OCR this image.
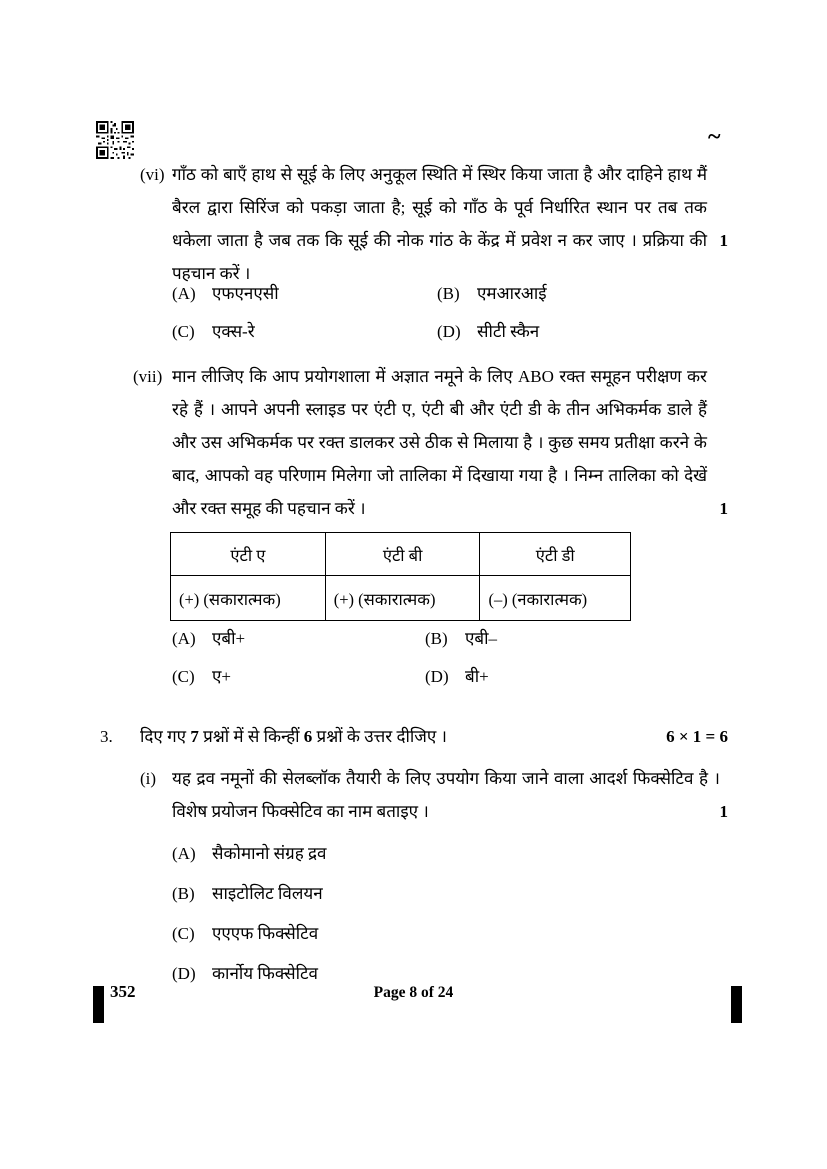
~
(vi) गाँठ को बाएँ हाथ से सूई के लिए अनुकूल स्थिति में स्थिर किया जाता है और दाहिने हाथ मैं बैरल द्वारा सिरिंज को पकड़ा जाता है; सूई को गाँठ के पूर्व निर्धारित स्थान पर तब तक धकेला जाता है जब तक कि सूई की नोक गांठ के केंद्र में प्रवेश न कर जाए । प्रक्रिया की पहचान करें ।
1
(A) एफएनएसी	(B) एमआरआई
(C) एक्स-रे	(D) सीटी स्कैन
(vii) मान लीजिए कि आप प्रयोगशाला में अज्ञात नमूने के लिए ABO रक्त समूहन परीक्षण कर रहे हैं । आपने अपनी स्लाइड पर एंटी ए, एंटी बी और एंटी डी के तीन अभिकर्मक डाले हैं और उस अभिकर्मक पर रक्त डालकर उसे ठीक से मिलाया है । कुछ समय प्रतीक्षा करने के बाद, आपको वह परिणाम मिलेगा जो तालिका में दिखाया गया है । निम्न तालिका को देखें और रक्त समूह की पहचान करें ।	1
एंटी ए	एंटी बी	एंटी डी
(+) (सकारात्मक)	(+) (सकारात्मक)	(–) (नकारात्मक)
(A) एबी+	(B) एबी–
(C) ए+	(D) बी+
3. दिए गए 7 प्रश्नों में से किन्हीं 6 प्रश्नों के उत्तर दीजिए ।	6 × 1 = 6
(i) यह द्रव नमूनों की सेलब्लॉक तैयारी के लिए उपयोग किया जाने वाला आदर्श फिक्सेटिव है । विशेष प्रयोजन फिक्सेटिव का नाम बताइए ।	1
(A) सैकोमानो संग्रह द्रव
(B) साइटोलिट विलयन
(C) एएएफ फिक्सेटिव
(D) कार्नोय फिक्सेटिव
352	Page 8 of 24
